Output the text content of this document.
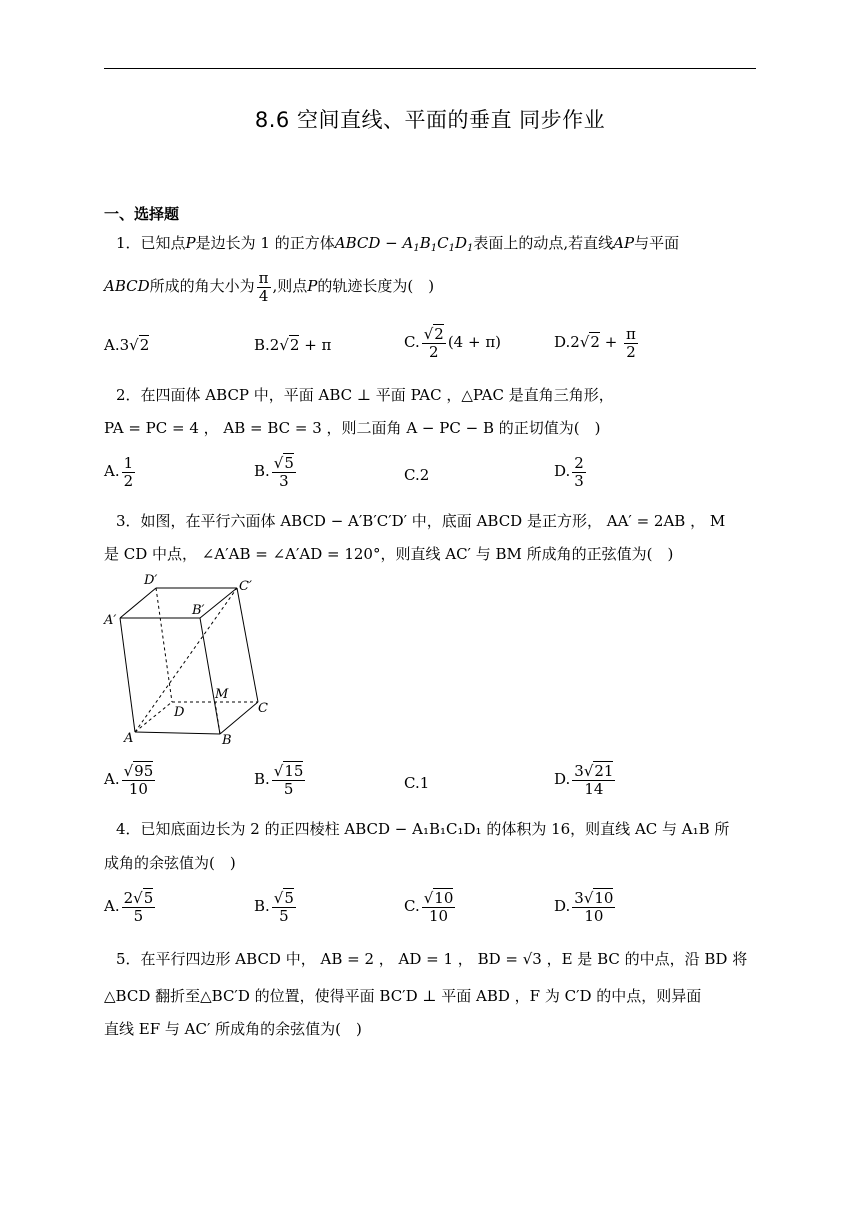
8.6 空间直线、平面的垂直 同步作业
一、选择题
1．已知点P是边长为 1 的正方体ABCD − $A_1B_1C_1D_1$表面上的动点,若直线AP与平面
ABCD所成的角大小为 $\frac{\pi}{4}$ ,则点P的轨迹长度为(　)
A.3√2	B.2√2 + π	C. $\frac{√2}{2} (4 + \pi)$	$D.2√2 + \frac{\pi}{2}$
2．在四面体 ABCP 中，平面 ABC ⊥ 平面 PAC ，△PAC 是直角三角形，
PA = PC = 4 ， AB = BC = 3 ，则二面角 A − PC − B 的正切值为(　)
A. $\frac{1}{2}$	B. $\frac{√5}{3}$	C.2	D. $\frac{2}{3}$
3．如图，在平行六面体 ABCD − A′B′C′D′ 中，底面 ABCD 是正方形， AA′ = 2AB ， M
是 CD 中点， ∠A′AB = ∠A′AD = 120°，则直线 AC′ 与 BM 所成角的正弦值为(　)
D′
B′
C′
A′
M
D	C
A	B
A. $\frac{√95}{10}$	B. $\frac{√15}{5}$	C.1	D. $\frac{3√21}{14}$
4．已知底面边长为 2 的正四棱柱 ABCD − A₁B₁C₁D₁ 的体积为 16，则直线 AC 与 A₁B 所
成角的余弦值为(　)
A. $\frac{2√5}{5}$	B. $\frac{√5}{5}$	C. $\frac{√10}{10}$	D. $\frac{3√10}{10}$
5．在平行四边形 ABCD 中， AB = 2 ， AD = 1 ， BD = √3 ，E 是 BC 的中点，沿 BD 将
△BCD 翻折至△BC′D 的位置，使得平面 BC′D ⊥ 平面 ABD ，F 为 C′D 的中点，则异面
直线 EF 与 AC′ 所成角的余弦值为(　)
